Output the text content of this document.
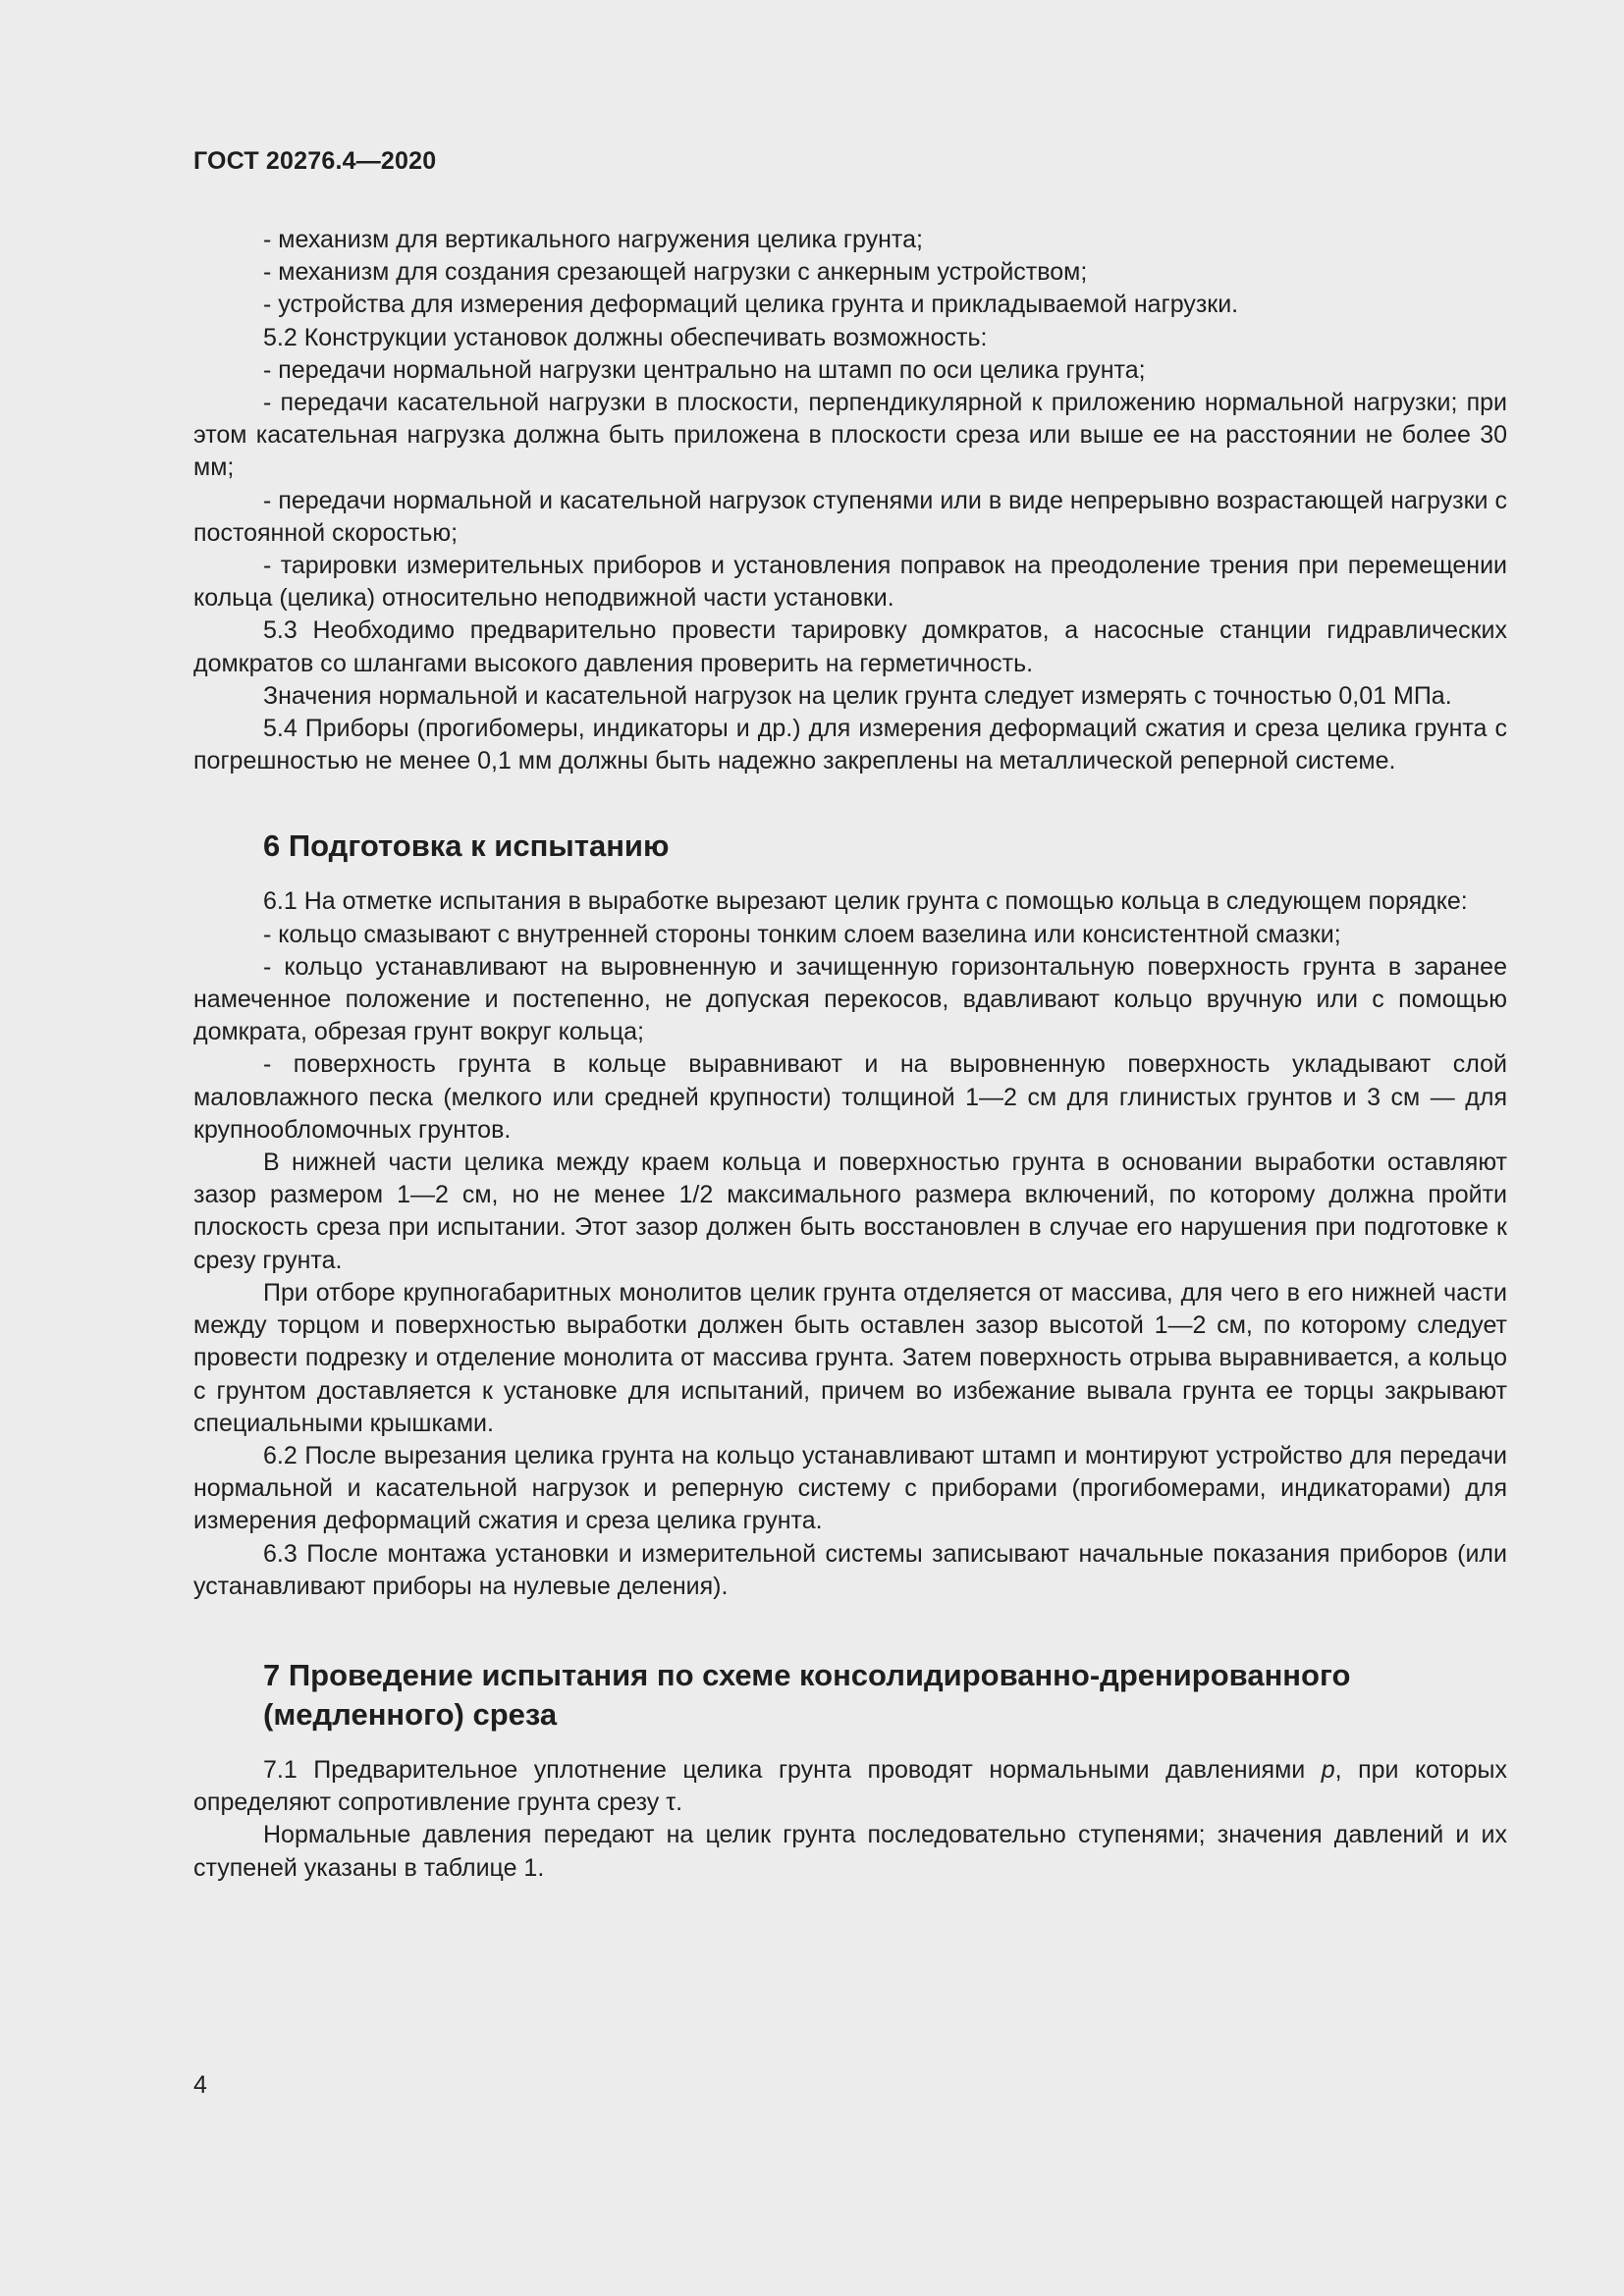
ГОСТ 20276.4—2020

- механизм для вертикального нагружения целика грунта;

- механизм для создания срезающей нагрузки с анкерным устройством;

- устройства для измерения деформаций целика грунта и прикладываемой нагрузки.

5.2 Конструкции установок должны обеспечивать возможность:

- передачи нормальной нагрузки центрально на штамп по оси целика грунта;

- передачи касательной нагрузки в плоскости, перпендикулярной к приложению нормальной нагрузки; при этом касательная нагрузка должна быть приложена в плоскости среза или выше ее на расстоянии не более 30 мм;

- передачи нормальной и касательной нагрузок ступенями или в виде непрерывно возрастающей нагрузки с постоянной скоростью;

- тарировки измерительных приборов и установления поправок на преодоление трения при перемещении кольца (целика) относительно неподвижной части установки.

5.3 Необходимо предварительно провести тарировку домкратов, а насосные станции гидравлических домкратов со шлангами высокого давления проверить на герметичность.

Значения нормальной и касательной нагрузок на целик грунта следует измерять с точностью 0,01 МПа.

5.4 Приборы (прогибомеры, индикаторы и др.) для измерения деформаций сжатия и среза целика грунта с погрешностью не менее 0,1 мм должны быть надежно закреплены на металлической реперной системе.

6 Подготовка к испытанию

6.1 На отметке испытания в выработке вырезают целик грунта с помощью кольца в следующем порядке:

- кольцо смазывают с внутренней стороны тонким слоем вазелина или консистентной смазки;

- кольцо устанавливают на выровненную и зачищенную горизонтальную поверхность грунта в заранее намеченное положение и постепенно, не допуская перекосов, вдавливают кольцо вручную или с помощью домкрата, обрезая грунт вокруг кольца;

- поверхность грунта в кольце выравнивают и на выровненную поверхность укладывают слой маловлажного песка (мелкого или средней крупности) толщиной 1—2 см для глинистых грунтов и 3 см — для крупнообломочных грунтов.

В нижней части целика между краем кольца и поверхностью грунта в основании выработки оставляют зазор размером 1—2 см, но не менее 1/2 максимального размера включений, по которому должна пройти плоскость среза при испытании. Этот зазор должен быть восстановлен в случае его нарушения при подготовке к срезу грунта.

При отборе крупногабаритных монолитов целик грунта отделяется от массива, для чего в его нижней части между торцом и поверхностью выработки должен быть оставлен зазор высотой 1—2 см, по которому следует провести подрезку и отделение монолита от массива грунта. Затем поверхность отрыва выравнивается, а кольцо с грунтом доставляется к установке для испытаний, причем во избежание вывала грунта ее торцы закрывают специальными крышками.

6.2 После вырезания целика грунта на кольцо устанавливают штамп и монтируют устройство для передачи нормальной и касательной нагрузок и реперную систему с приборами (прогибомерами, индикаторами) для измерения деформаций сжатия и среза целика грунта.

6.3 После монтажа установки и измерительной системы записывают начальные показания приборов (или устанавливают приборы на нулевые деления).

7 Проведение испытания по схеме консолидированно-дренированного
(медленного) среза

7.1 Предварительное уплотнение целика грунта проводят нормальными давлениями р, при которых определяют сопротивление грунта срезу τ.

Нормальные давления передают на целик грунта последовательно ступенями; значения давлений и их ступеней указаны в таблице 1.

4
